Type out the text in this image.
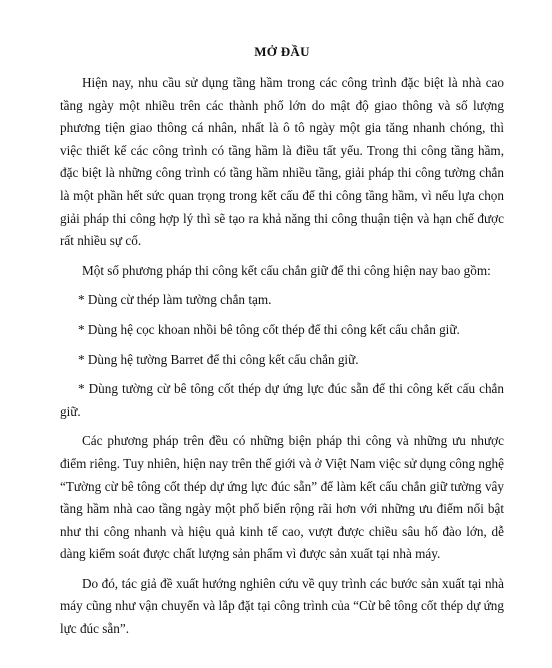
MỞ ĐẦU

Hiện nay, nhu cầu sử dụng tầng hầm trong các công trình đặc biệt là nhà cao tầng ngày một nhiều trên các thành phố lớn do mật độ giao thông và số lượng phương tiện giao thông cá nhân, nhất là ô tô ngày một gia tăng nhanh chóng, thì việc thiết kế các công trình có tầng hầm là điều tất yếu. Trong thi công tầng hầm, đặc biệt là những công trình có tầng hầm nhiều tầng, giải pháp thi công tường chắn là một phần hết sức quan trọng trong kết cấu để thi công tầng hầm, vì nếu lựa chọn giải pháp thi công hợp lý thì sẽ tạo ra khả năng thi công thuận tiện và hạn chế được rất nhiều sự cố.

Một số phương pháp thi công kết cấu chắn giữ để thi công hiện nay bao gồm:

* Dùng cừ thép làm tường chắn tạm.

* Dùng hệ cọc khoan nhồi bê tông cốt thép để thi công kết cấu chắn giữ.

* Dùng hệ tường Barret để thi công kết cấu chắn giữ.

* Dùng tường cừ bê tông cốt thép dự ứng lực đúc sẵn để thi công kết cấu chắn giữ.

Các phương pháp trên đều có những biện pháp thi công và những ưu nhược điểm riêng. Tuy nhiên, hiện nay trên thế giới và ở Việt Nam việc sử dụng công nghệ “Tường cừ bê tông cốt thép dự ứng lực đúc sẵn” để làm kết cấu chắn giữ tường vây tầng hầm nhà cao tầng ngày một phổ biến rộng rãi hơn với những ưu điểm nổi bật như thi công nhanh và hiệu quả kinh tế cao, vượt được chiều sâu hố đào lớn, dễ dàng kiểm soát được chất lượng sản phẩm vì được sản xuất tại nhà máy.

Do đó, tác giả đề xuất hướng nghiên cứu về quy trình các bước sản xuất tại nhà máy cũng như vận chuyển và lắp đặt tại công trình của “Cừ bê tông cốt thép dự ứng lực đúc sẵn”.
